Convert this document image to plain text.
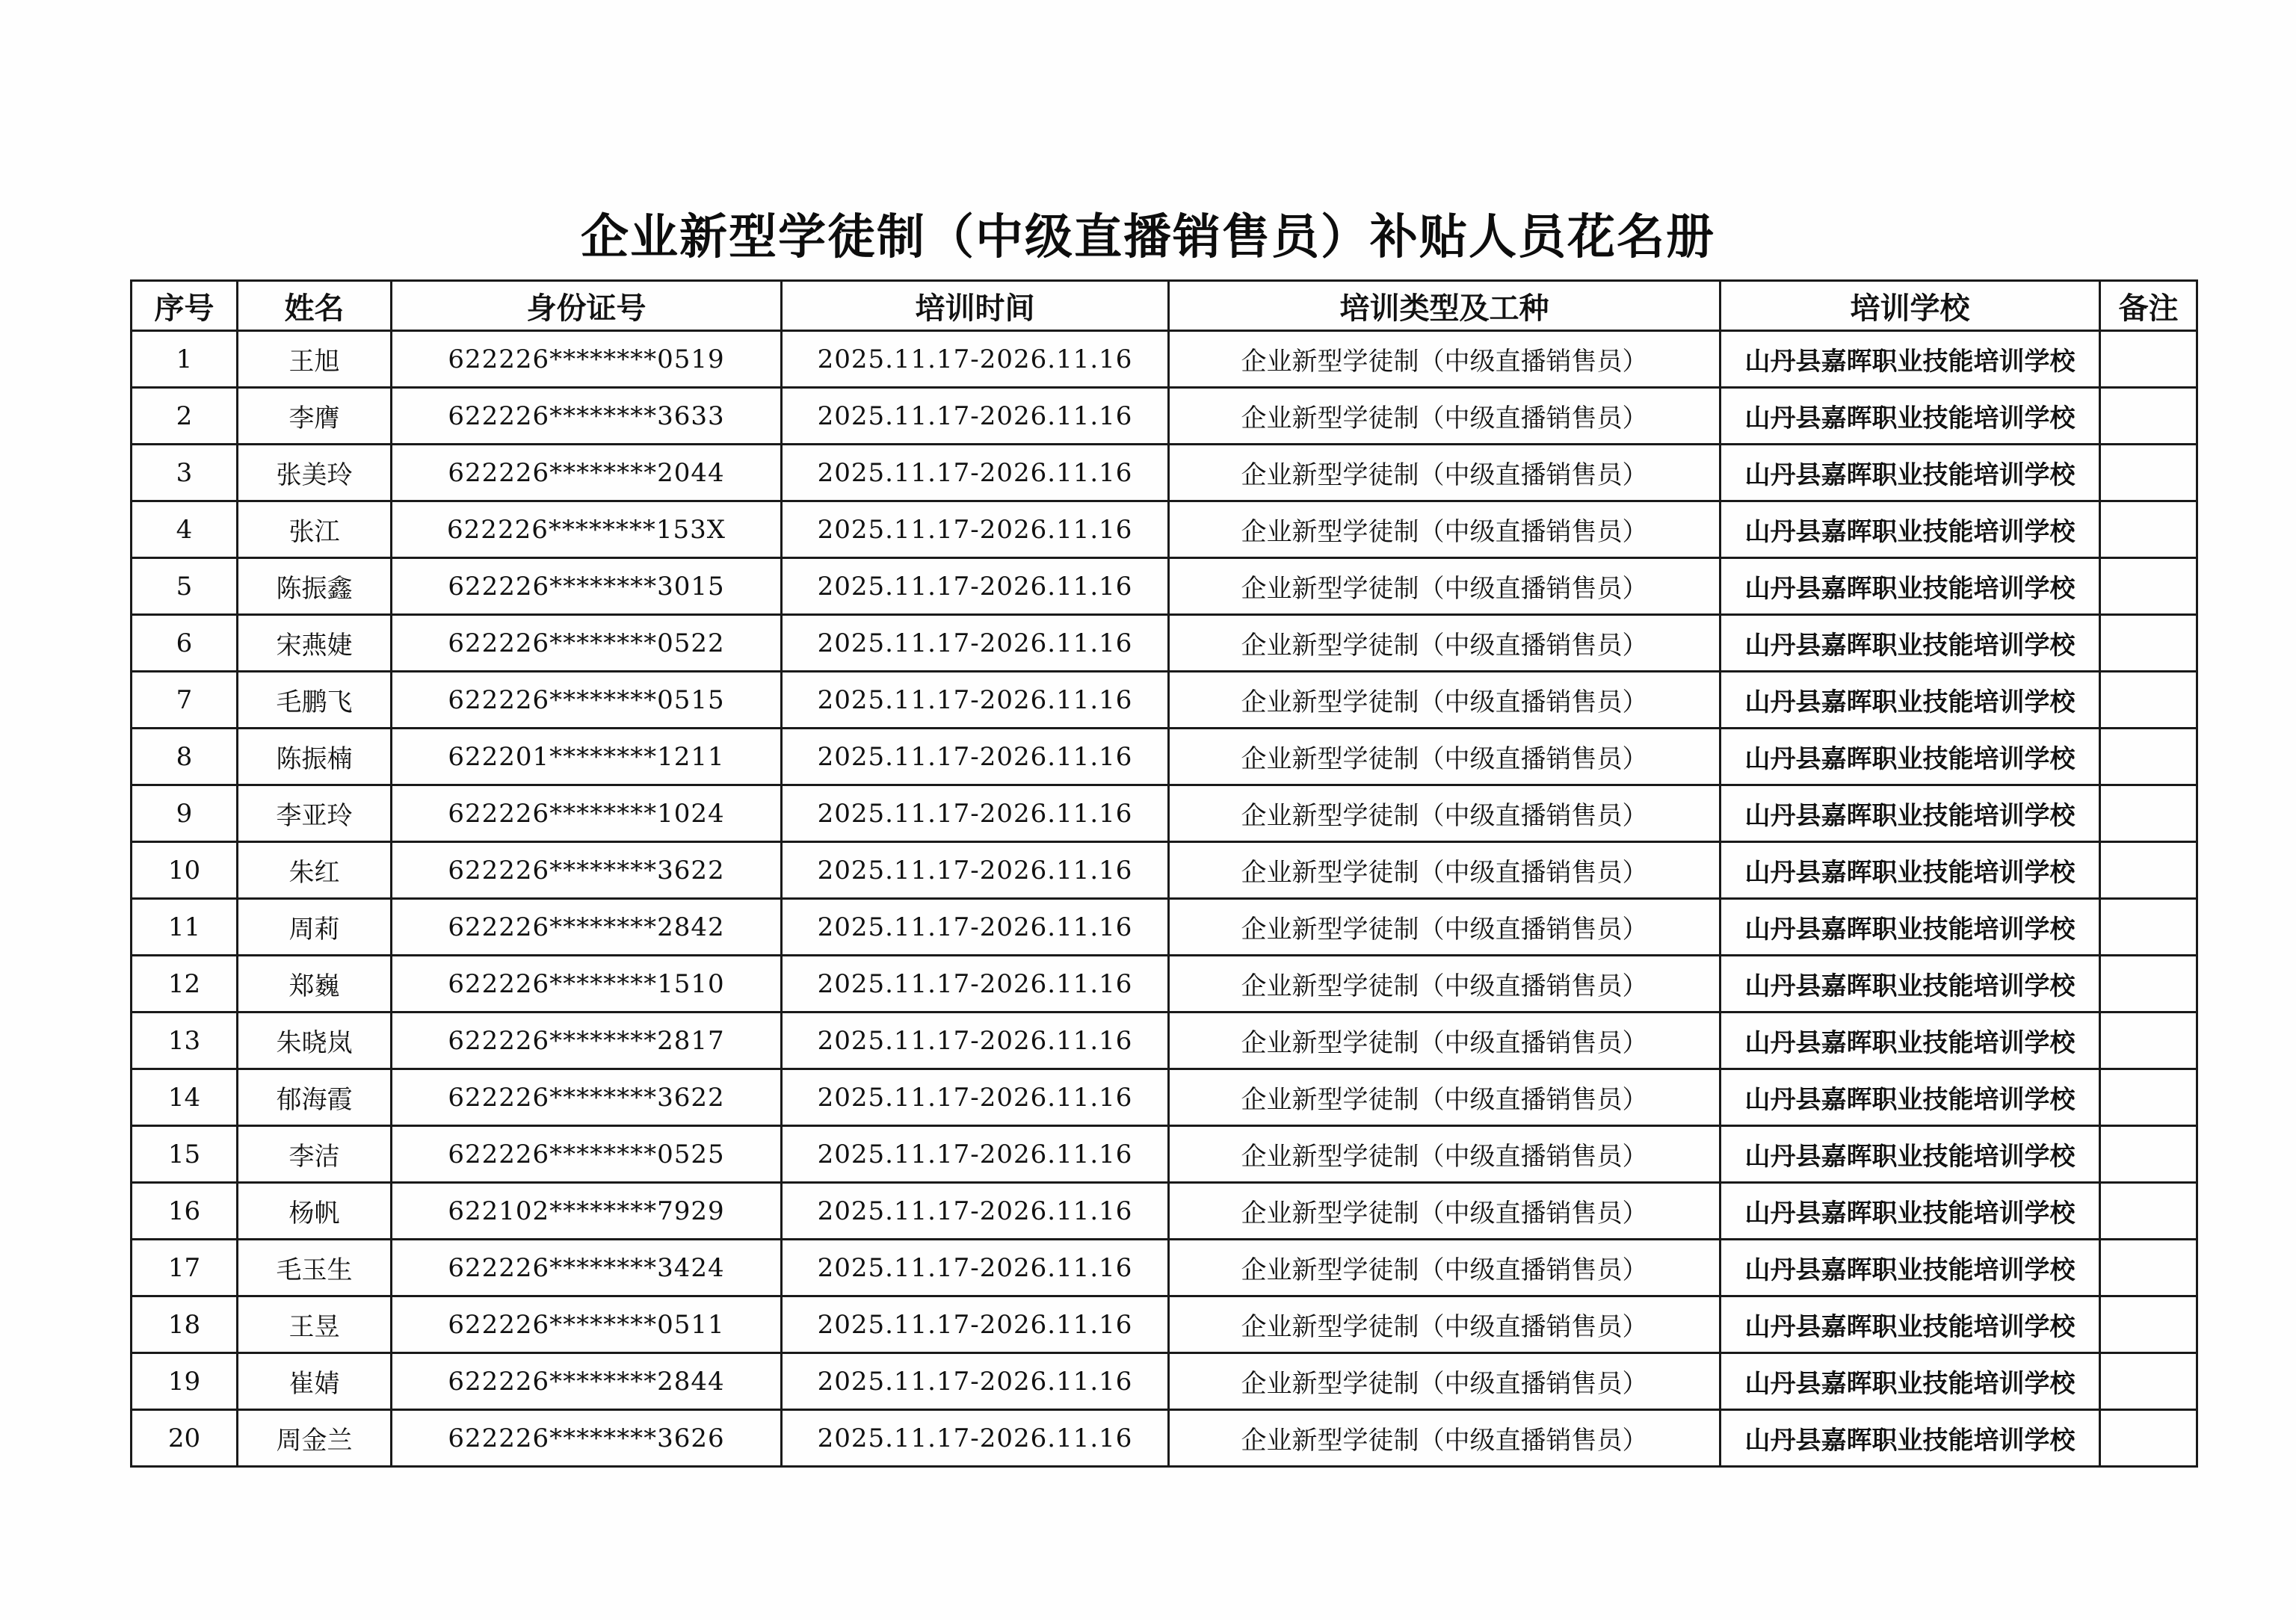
企业新型学徒制（中级直播销售员）补贴人员花名册
序号	姓名	身份证号	培训时间	培训类型及工种	培训学校	备注
1	王旭	622226********0519	2025.11.17-2026.11.16	企业新型学徒制（中级直播销售员）	山丹县嘉晖职业技能培训学校	
2	李膺	622226********3633	2025.11.17-2026.11.16	企业新型学徒制（中级直播销售员）	山丹县嘉晖职业技能培训学校	
3	张美玲	622226********2044	2025.11.17-2026.11.16	企业新型学徒制（中级直播销售员）	山丹县嘉晖职业技能培训学校	
4	张江	622226********153X	2025.11.17-2026.11.16	企业新型学徒制（中级直播销售员）	山丹县嘉晖职业技能培训学校	
5	陈振鑫	622226********3015	2025.11.17-2026.11.16	企业新型学徒制（中级直播销售员）	山丹县嘉晖职业技能培训学校	
6	宋燕婕	622226********0522	2025.11.17-2026.11.16	企业新型学徒制（中级直播销售员）	山丹县嘉晖职业技能培训学校	
7	毛鹏飞	622226********0515	2025.11.17-2026.11.16	企业新型学徒制（中级直播销售员）	山丹县嘉晖职业技能培训学校	
8	陈振楠	622201********1211	2025.11.17-2026.11.16	企业新型学徒制（中级直播销售员）	山丹县嘉晖职业技能培训学校	
9	李亚玲	622226********1024	2025.11.17-2026.11.16	企业新型学徒制（中级直播销售员）	山丹县嘉晖职业技能培训学校	
10	朱红	622226********3622	2025.11.17-2026.11.16	企业新型学徒制（中级直播销售员）	山丹县嘉晖职业技能培训学校	
11	周莉	622226********2842	2025.11.17-2026.11.16	企业新型学徒制（中级直播销售员）	山丹县嘉晖职业技能培训学校	
12	郑巍	622226********1510	2025.11.17-2026.11.16	企业新型学徒制（中级直播销售员）	山丹县嘉晖职业技能培训学校	
13	朱晓岚	622226********2817	2025.11.17-2026.11.16	企业新型学徒制（中级直播销售员）	山丹县嘉晖职业技能培训学校	
14	郁海霞	622226********3622	2025.11.17-2026.11.16	企业新型学徒制（中级直播销售员）	山丹县嘉晖职业技能培训学校	
15	李洁	622226********0525	2025.11.17-2026.11.16	企业新型学徒制（中级直播销售员）	山丹县嘉晖职业技能培训学校	
16	杨帆	622102********7929	2025.11.17-2026.11.16	企业新型学徒制（中级直播销售员）	山丹县嘉晖职业技能培训学校	
17	毛玉生	622226********3424	2025.11.17-2026.11.16	企业新型学徒制（中级直播销售员）	山丹县嘉晖职业技能培训学校	
18	王昱	622226********0511	2025.11.17-2026.11.16	企业新型学徒制（中级直播销售员）	山丹县嘉晖职业技能培训学校	
19	崔婧	622226********2844	2025.11.17-2026.11.16	企业新型学徒制（中级直播销售员）	山丹县嘉晖职业技能培训学校	
20	周金兰	622226********3626	2025.11.17-2026.11.16	企业新型学徒制（中级直播销售员）	山丹县嘉晖职业技能培训学校	
